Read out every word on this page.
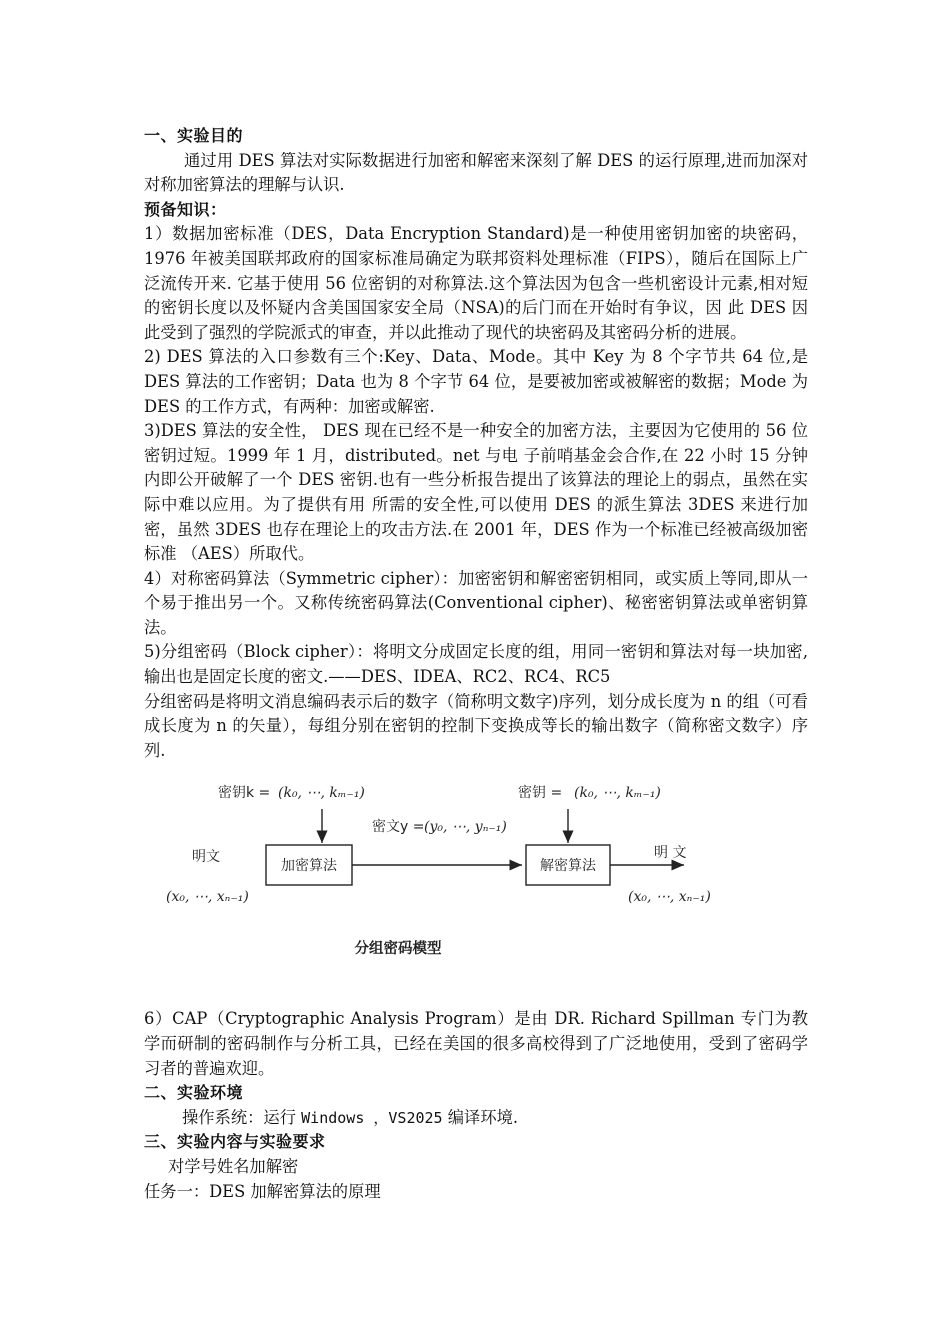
一、实验目的
通过用 DES 算法对实际数据进行加密和解密来深刻了解 DES 的运行原理,进而加深对对称加密算法的理解与认识.
预备知识：
1）数据加密标准（DES，Data Encryption Standard)是一种使用密钥加密的块密码，1976 年被美国联邦政府的国家标准局确定为联邦资料处理标准（FIPS），随后在国际上广泛流传开来. 它基于使用 56 位密钥的对称算法.这个算法因为包含一些机密设计元素,相对短的密钥长度以及怀疑内含美国国家安全局（NSA)的后门而在开始时有争议，因 此 DES 因此受到了强烈的学院派式的审查，并以此推动了现代的块密码及其密码分析的进展。
2) DES 算法的入口参数有三个:Key、Data、Mode。其中 Key 为 8 个字节共 64 位,是 DES 算法的工作密钥；Data 也为 8 个字节 64 位，是要被加密或被解密的数据；Mode 为 DES 的工作方式，有两种：加密或解密.
3)DES 算法的安全性， DES 现在已经不是一种安全的加密方法，主要因为它使用的 56 位密钥过短。1999 年 1 月，distributed。net 与电 子前哨基金会合作,在 22 小时 15 分钟内即公开破解了一个 DES 密钥.也有一些分析报告提出了该算法的理论上的弱点，虽然在实际中难以应用。为了提供有用 所需的安全性,可以使用 DES 的派生算法 3DES 来进行加密，虽然 3DES 也存在理论上的攻击方法.在 2001 年，DES 作为一个标准已经被高级加密标准 （AES）所取代。
4）对称密码算法（Symmetric cipher）：加密密钥和解密密钥相同，或实质上等同,即从一个易于推出另一个。又称传统密码算法(Conventional cipher)、秘密密钥算法或单密钥算法。
5)分组密码（Block cipher）：将明文分成固定长度的组，用同一密钥和算法对每一块加密,输出也是固定长度的密文.——DES、IDEA、RC2、RC4、RC5
分组密码是将明文消息编码表示后的数字（简称明文数字)序列，划分成长度为 n 的组（可看成长度为 n 的矢量），每组分别在密钥的控制下变换成等长的输出数字（简称密文数字）序列.
密钥k = (k₀, ⋯, kₘ₋₁)	密钥 = (k₀, ⋯, kₘ₋₁)
密文y = (y₀, ⋯, yₙ₋₁)
明文
(x₀, ⋯, xₙ₋₁)
加密算法	解密算法
明 文
(x₀, ⋯, xₙ₋₁)
分组密码模型
6）CAP（Cryptographic Analysis Program）是由 DR. Richard Spillman 专门为教学而研制的密码制作与分析工具，已经在美国的很多高校得到了广泛地使用，受到了密码学习者的普遍欢迎。
二、实验环境
操作系统：运行 Windows ，VS2025 编译环境.
三、实验内容与实验要求
对学号姓名加解密
任务一：DES 加解密算法的原理
